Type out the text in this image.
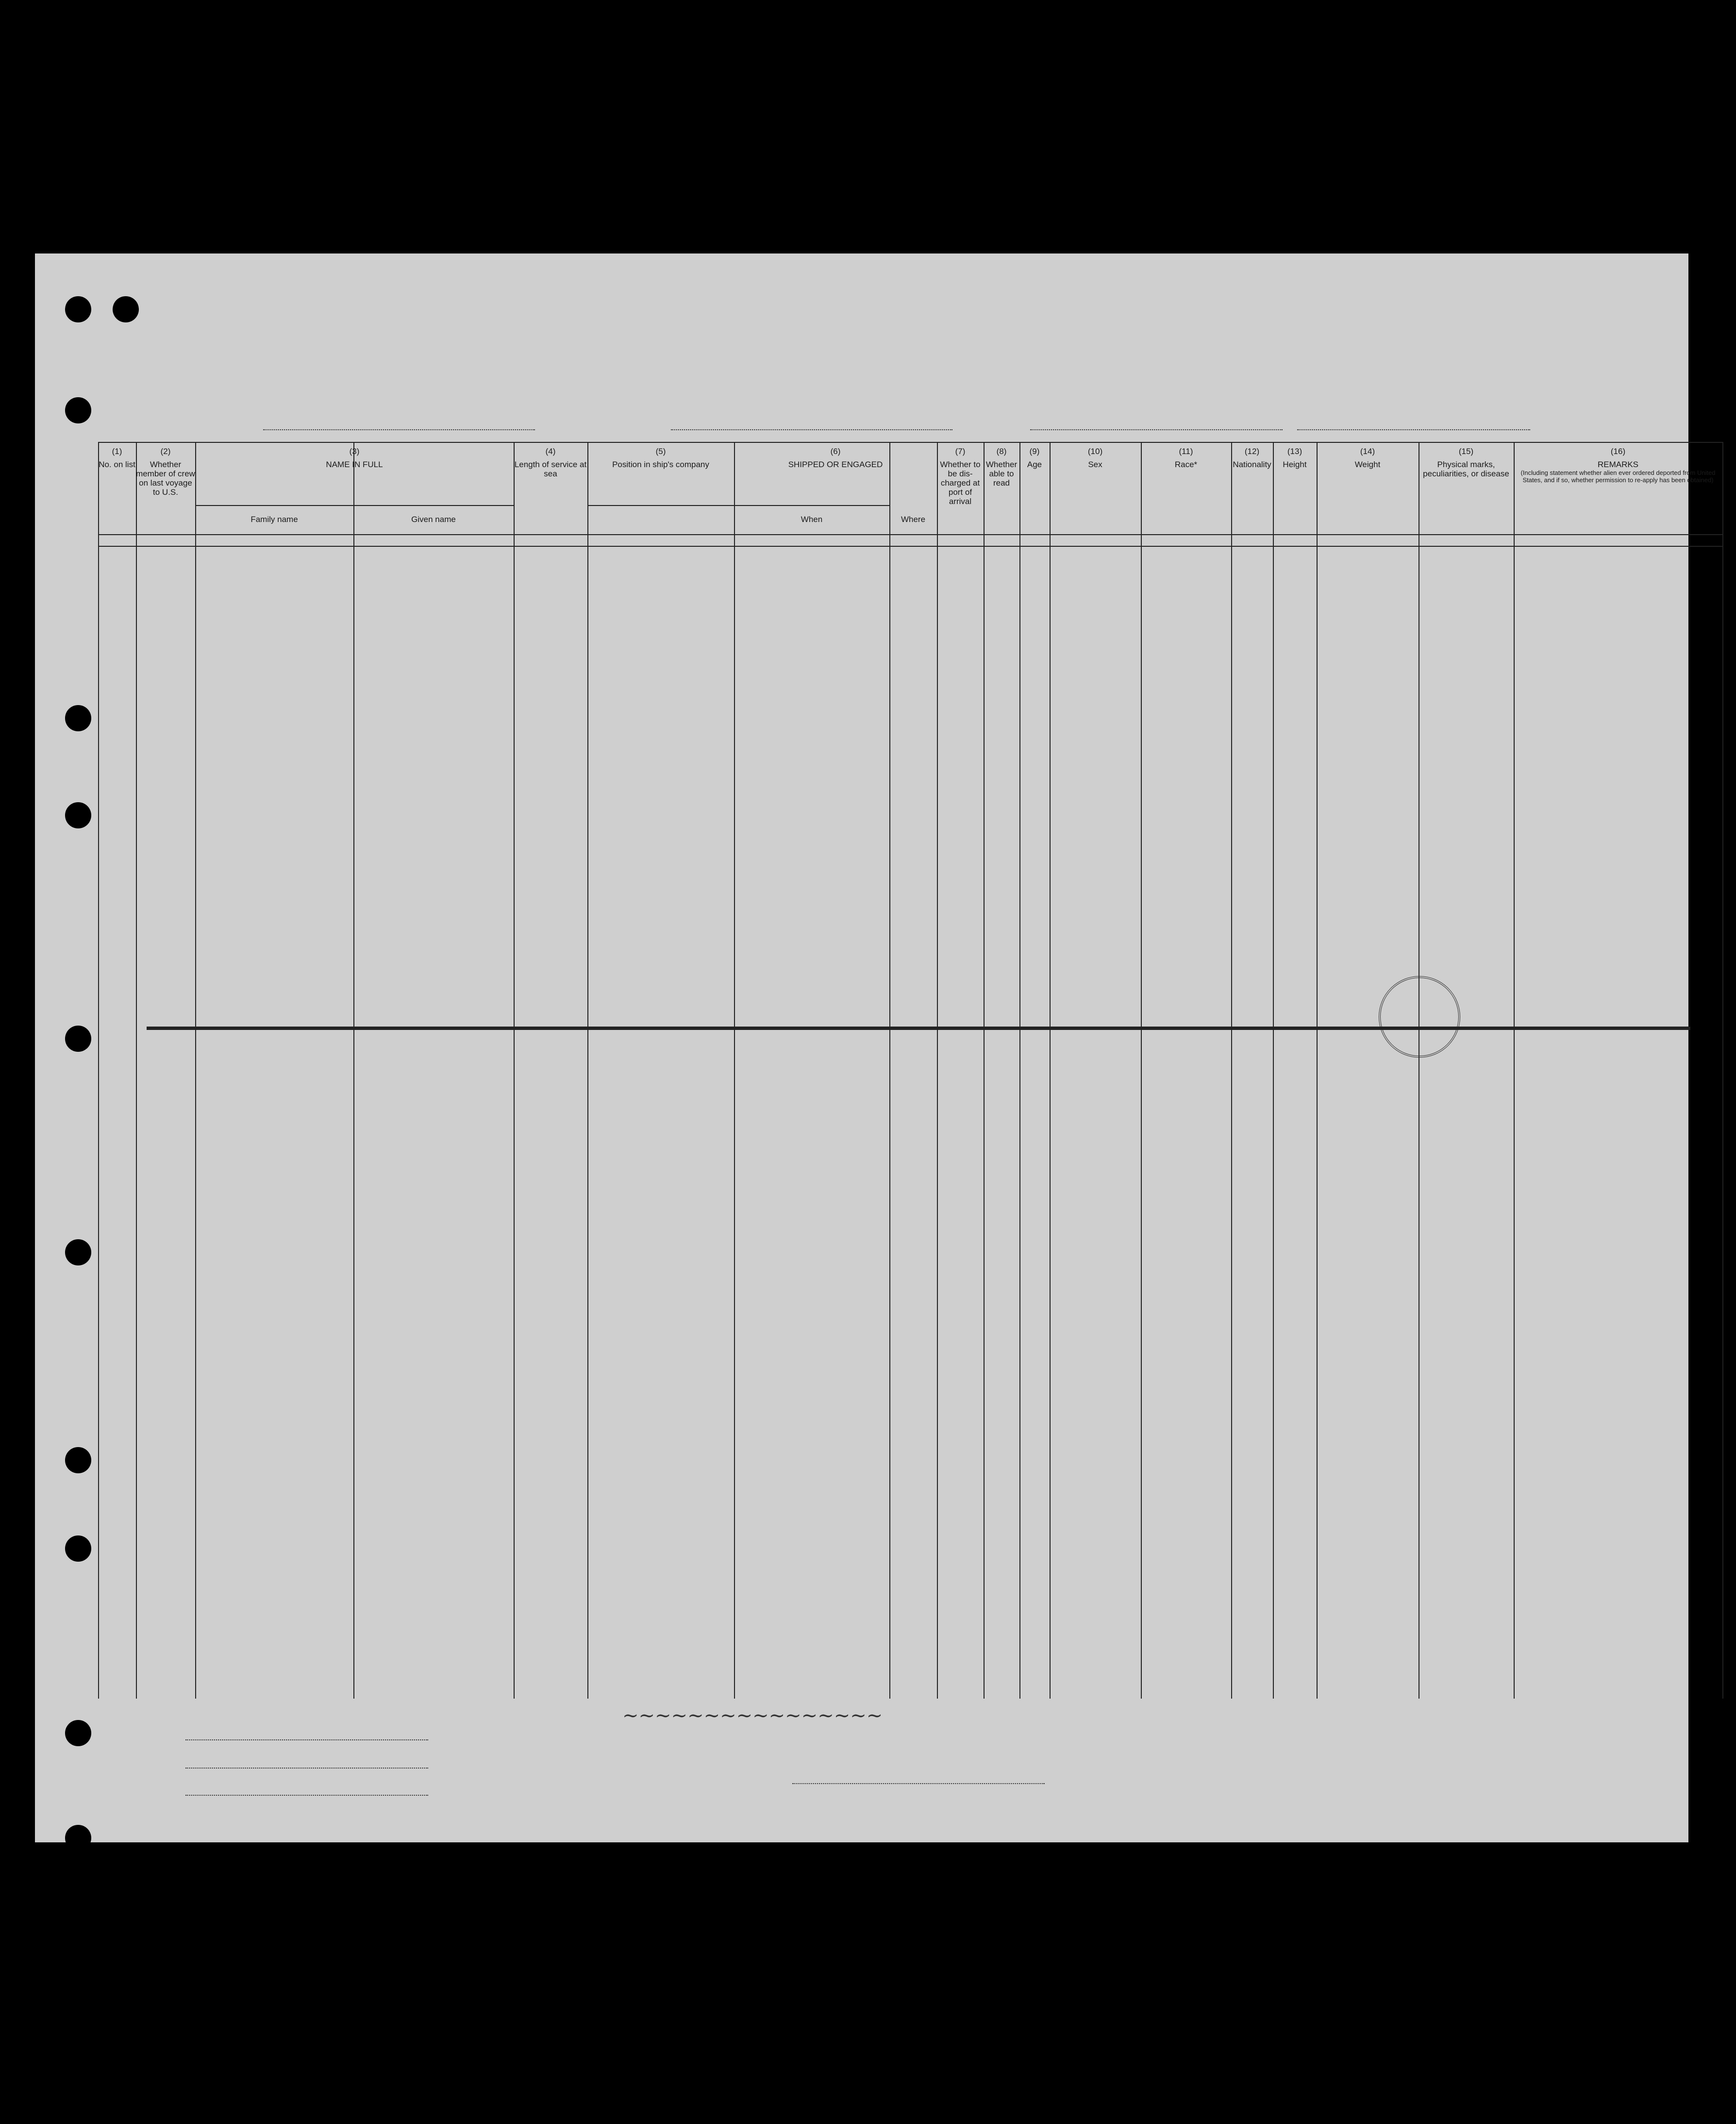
(1)
No. on list
(2)
Whether member of crew on last voyage to U.S.
(3)
NAME IN FULL
Family name	Given name
(4)
Length of service at sea
(5)
Position in ship's company
(6)
SHIPPED OR ENGAGED
When	Where
(7)
Whether to be dis-charged at port of arrival
(8)
Whether able to read
(9)
Age
(10)
Sex
(11)
Race*
(12)
Nationality
(13)
Height
(14)
Weight
(15)
Physical marks, peculiarities, or disease
(16)
REMARKS
(Including statement whether alien ever ordered deported from United States, and if so, whether permission to re-apply has been obtained)
~~~~~~~~~~~~~~~~
